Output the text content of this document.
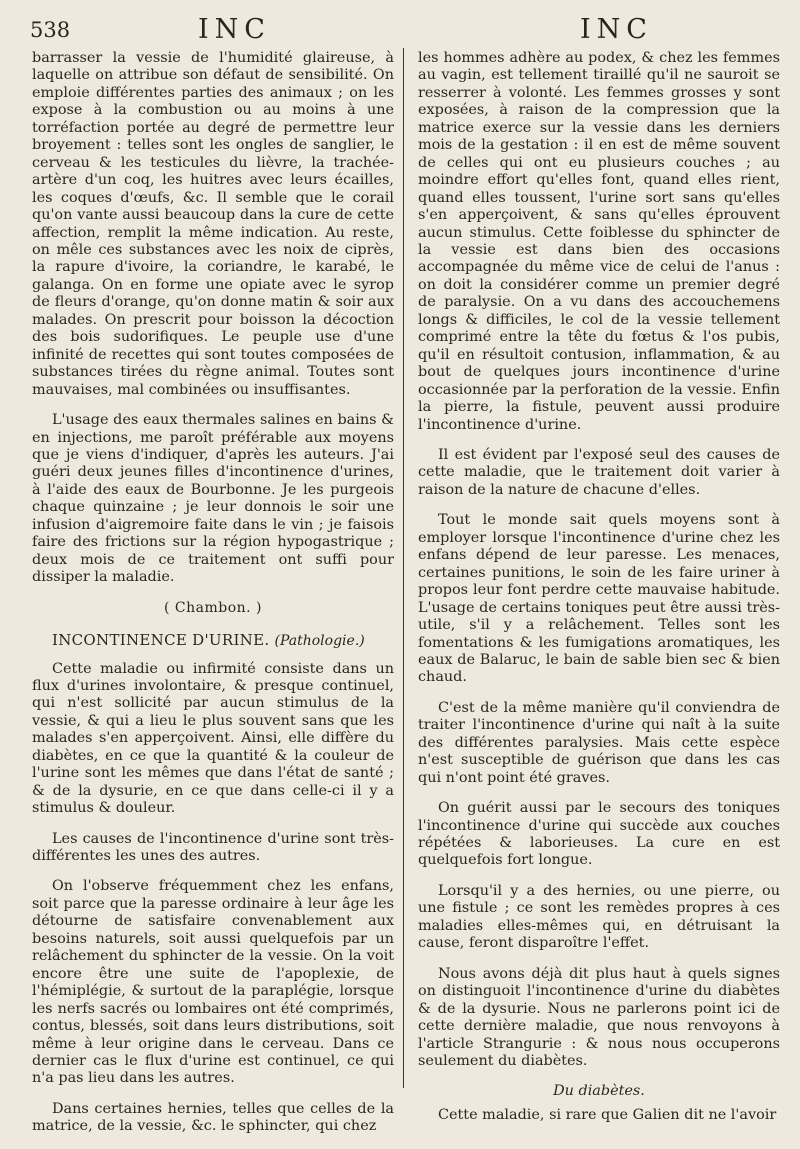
538	INC	INC

barrasser la vessie de l'humidité glaireuse, à laquelle on attribue son défaut de sensibilité. On emploie différentes parties des animaux ; on les expose à la combustion ou au moins à une torréfaction portée au degré de permettre leur broyement : telles sont les ongles de sanglier, le cerveau & les testicules du lièvre, la trachée-artère d'un coq, les huitres avec leurs écailles, les coques d'œufs, &c. Il semble que le corail qu'on vante aussi beaucoup dans la cure de cette affection, remplit la même indication. Au reste, on mêle ces substances avec les noix de ciprès, la rapure d'ivoire, la coriandre, le karabé, le galanga. On en forme une opiate avec le syrop de fleurs d'orange, qu'on donne matin & soir aux malades. On prescrit pour boisson la décoction des bois sudorifiques. Le peuple use d'une infinité de recettes qui sont toutes composées de substances tirées du règne animal. Toutes sont mauvaises, mal combinées ou insuffisantes.

L'usage des eaux thermales salines en bains & en injections, me paroît préférable aux moyens que je viens d'indiquer, d'après les auteurs. J'ai guéri deux jeunes filles d'incontinence d'urines, à l'aide des eaux de Bourbonne. Je les purgeois chaque quinzaine ; je leur donnois le soir une infusion d'aigremoire faite dans le vin ; je faisois faire des frictions sur la région hypogastrique ; deux mois de ce traitement ont suffi pour dissiper la maladie.

( Chambon. )
INCONTINENCE D'URINE. (Pathologie.)

Cette maladie ou infirmité consiste dans un flux d'urines involontaire, & presque continuel, qui n'est sollicité par aucun stimulus de la vessie, & qui a lieu le plus souvent sans que les malades s'en apperçoivent. Ainsi, elle diffère du diabètes, en ce que la quantité & la couleur de l'urine sont les mêmes que dans l'état de santé ; & de la dysurie, en ce que dans celle-ci il y a stimulus & douleur.

Les causes de l'incontinence d'urine sont très-différentes les unes des autres.

On l'observe fréquemment chez les enfans, soit parce que la paresse ordinaire à leur âge les détourne de satisfaire convenablement aux besoins naturels, soit aussi quelquefois par un relâchement du sphincter de la vessie. On la voit encore être une suite de l'apoplexie, de l'hémiplégie, & surtout de la paraplégie, lorsque les nerfs sacrés ou lombaires ont été comprimés, contus, blessés, soit dans leurs distributions, soit même à leur origine dans le cerveau. Dans ce dernier cas le flux d'urine est continuel, ce qui n'a pas lieu dans les autres.

Dans certaines hernies, telles que celles de la matrice, de la vessie, &c. le sphincter, qui chez

les hommes adhère au podex, & chez les femmes au vagin, est tellement tiraillé qu'il ne sauroit se resserrer à volonté. Les femmes grosses y sont exposées, à raison de la compression que la matrice exerce sur la vessie dans les derniers mois de la gestation : il en est de même souvent de celles qui ont eu plusieurs couches ; au moindre effort qu'elles font, quand elles rient, quand elles toussent, l'urine sort sans qu'elles s'en apperçoivent, & sans qu'elles éprouvent aucun stimulus. Cette foiblesse du sphincter de la vessie est dans bien des occasions accompagnée du même vice de celui de l'anus : on doit la considérer comme un premier degré de paralysie. On a vu dans des accouchemens longs & difficiles, le col de la vessie tellement comprimé entre la tête du fœtus & l'os pubis, qu'il en résultoit contusion, inflammation, & au bout de quelques jours incontinence d'urine occasionnée par la perforation de la vessie. Enfin la pierre, la fistule, peuvent aussi produire l'incontinence d'urine.

Il est évident par l'exposé seul des causes de cette maladie, que le traitement doit varier à raison de la nature de chacune d'elles.

Tout le monde sait quels moyens sont à employer lorsque l'incontinence d'urine chez les enfans dépend de leur paresse. Les menaces, certaines punitions, le soin de les faire uriner à propos leur font perdre cette mauvaise habitude. L'usage de certains toniques peut être aussi très-utile, s'il y a relâchement. Telles sont les fomentations & les fumigations aromatiques, les eaux de Balaruc, le bain de sable bien sec & bien chaud.

C'est de la même manière qu'il conviendra de traiter l'incontinence d'urine qui naît à la suite des différentes paralysies. Mais cette espèce n'est susceptible de guérison que dans les cas qui n'ont point été graves.

On guérit aussi par le secours des toniques l'incontinence d'urine qui succède aux couches répétées & laborieuses. La cure en est quelquefois fort longue.

Lorsqu'il y a des hernies, ou une pierre, ou une fistule ; ce sont les remèdes propres à ces maladies elles-mêmes qui, en détruisant la cause, feront disparoître l'effet.

Nous avons déjà dit plus haut à quels signes on distinguoit l'incontinence d'urine du diabètes & de la dysurie. Nous ne parlerons point ici de cette dernière maladie, que nous renvoyons à l'article Strangurie : & nous nous occuperons seulement du diabètes.

Du diabètes.

Cette maladie, si rare que Galien dit ne l'avoir
